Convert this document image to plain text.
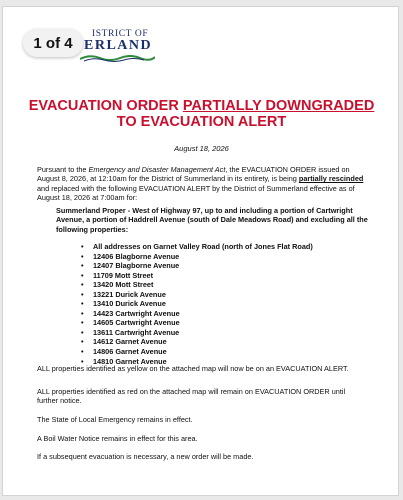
1 of 4
ISTRICT OF
ERLAND
EVACUATION ORDER PARTIALLY DOWNGRADED TO EVACUATION ALERT
August 18, 2026
Pursuant to the Emergency and Disaster Management Act, the EVACUATION ORDER issued on August 8, 2026, at 12:10am for the District of Summerland in its entirety, is being partially rescinded and replaced with the following EVACUATION ALERT by the District of Summerland effective as of August 18, 2026 at 7:00am for:
Summerland Proper - West of Highway 97, up to and including a portion of Cartwright Avenue, a portion of Haddrell Avenue (south of Dale Meadows Road) and excluding all the following properties:
• All addresses on Garnet Valley Road (north of Jones Flat Road)
• 12406 Blagborne Avenue
• 12407 Blagborne Avenue
• 11709 Mott Street
• 13420 Mott Street
• 13221 Durick Avenue
• 13410 Durick Avenue
• 14423 Cartwright Avenue
• 14605 Cartwright Avenue
• 13611 Cartwright Avenue
• 14612 Garnet Avenue
• 14806 Garnet Avenue
• 14810 Garnet Avenue
ALL properties identified as yellow on the attached map will now be on an EVACUATION ALERT.
ALL properties identified as red on the attached map will remain on EVACUATION ORDER until further notice.
The State of Local Emergency remains in effect.
A Boil Water Notice remains in effect for this area.
If a subsequent evacuation is necessary, a new order will be made.
